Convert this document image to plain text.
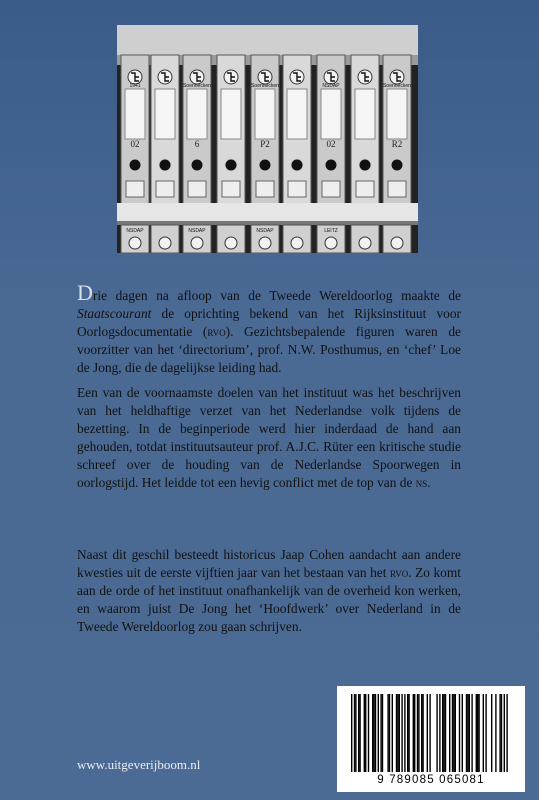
1941	Soennecken	Soennecken	NSDAP	Soennecken
02	6	P2	02	R2
NSDAP	NSDAP	NSDAP	LEITZ
Drie dagen na afloop van de Tweede Wereldoorlog maakte de Staatscourant de oprichting bekend van het Rijksinstituut voor Oorlogsdocumentatie (rvo). Gezichtsbepalende figuren waren de voorzitter van het ‘directorium’, prof. N.W. Posthumus, en ‘chef’ Loe de Jong, die de dagelijkse leiding had.
Een van de voornaamste doelen van het instituut was het beschrijven van het heldhaftige verzet van het Nederlandse volk tijdens de bezetting. In de beginperiode werd hier inderdaad de hand aan gehouden, totdat instituutsauteur prof. A.J.C. Rüter een kritische studie schreef over de houding van de Nederlandse Spoorwegen in oorlogstijd. Het leidde tot een hevig conflict met de top van de ns.
Naast dit geschil besteedt historicus Jaap Cohen aandacht aan andere kwesties uit de eerste vijftien jaar van het bestaan van het rvo. Zo komt aan de orde of het instituut onafhankelijk van de overheid kon werken, en waarom juist De Jong het ‘Hoofdwerk’ over Nederland in de Tweede Wereldoorlog zou gaan schrijven.
www.uitgeverijboom.nl
9 789085 065081
